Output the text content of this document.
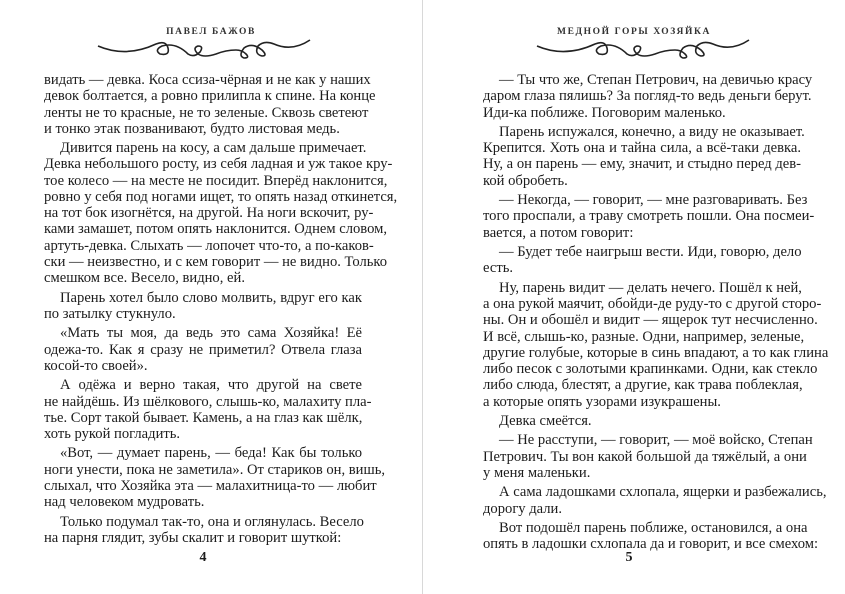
ПАВЕЛ БАЖОВ
видать — девка. Коса ссиза-чёрная и не как у наших
девок болтается, а ровно прилипла к спине. На конце
ленты не то красные, не то зеленые. Сквозь светеют
и тонко этак позванивают, будто листовая медь.
Дивится парень на косу, а сам дальше примечает.
Девка небольшого росту, из себя ладная и уж такое кру-
тое колесо — на месте не посидит. Вперёд наклонится,
ровно у себя под ногами ищет, то опять назад откинется,
на тот бок изогнётся, на другой. На ноги вскочит, ру-
ками замашет, потом опять наклонится. Однем словом,
артуть-девка. Слыхать — лопочет что-то, а по-каков-
ски — неизвестно, и с кем говорит — не видно. Только
смешком все. Весело, видно, ей.
Парень хотел было слово молвить, вдруг его как
по затылку стукнуло.
«Мать ты моя, да ведь это сама Хозяйка! Её
одежа-то. Как я сразу не приметил? Отвела глаза
косой-то своей».
А одёжа и верно такая, что другой на свете
не найдёшь. Из шёлкового, слышь-ко, малахиту пла-
тье. Сорт такой бывает. Камень, а на глаз как шёлк,
хоть рукой погладить.
«Вот, — думает парень, — беда! Как бы только
ноги унести, пока не заметила». От стариков он, вишь,
слыхал, что Хозяйка эта — малахитница-то — любит
над человеком мудровать.
Только подумал так-то, она и оглянулась. Весело
на парня глядит, зубы скалит и говорит шуткой:
4
МЕДНОЙ ГОРЫ ХОЗЯЙКА
— Ты что же, Степан Петрович, на девичью красу
даром глаза пялишь? За погляд-то ведь деньги берут.
Иди-ка поближе. Поговорим маленько.
Парень испужался, конечно, а виду не оказывает.
Крепится. Хоть она и тайна сила, а всё-таки девка.
Ну, а он парень — ему, значит, и стыдно перед дев-
кой обробеть.
— Некогда, — говорит, — мне разговаривать. Без
того проспали, а траву смотреть пошли. Она посмеи-
вается, а потом говорит:
— Будет тебе наигрыш вести. Иди, говорю, дело
есть.
Ну, парень видит — делать нечего. Пошёл к ней,
а она рукой маячит, обойди-де руду-то с другой сторо-
ны. Он и обошёл и видит — ящерок тут несчисленно.
И всё, слышь-ко, разные. Одни, например, зеленые,
другие голубые, которые в синь впадают, а то как глина
либо песок с золотыми крапинками. Одни, как стекло
либо слюда, блестят, а другие, как трава поблеклая,
а которые опять узорами изукрашены.
Девка смеётся.
— Не расступи, — говорит, — моё войско, Степан
Петрович. Ты вон какой большой да тяжёлый, а они
у меня маленьки.
А сама ладошками схлопала, ящерки и разбежались,
дорогу дали.
Вот подошёл парень поближе, остановился, а она
опять в ладошки схлопала да и говорит, и все смехом:
5
